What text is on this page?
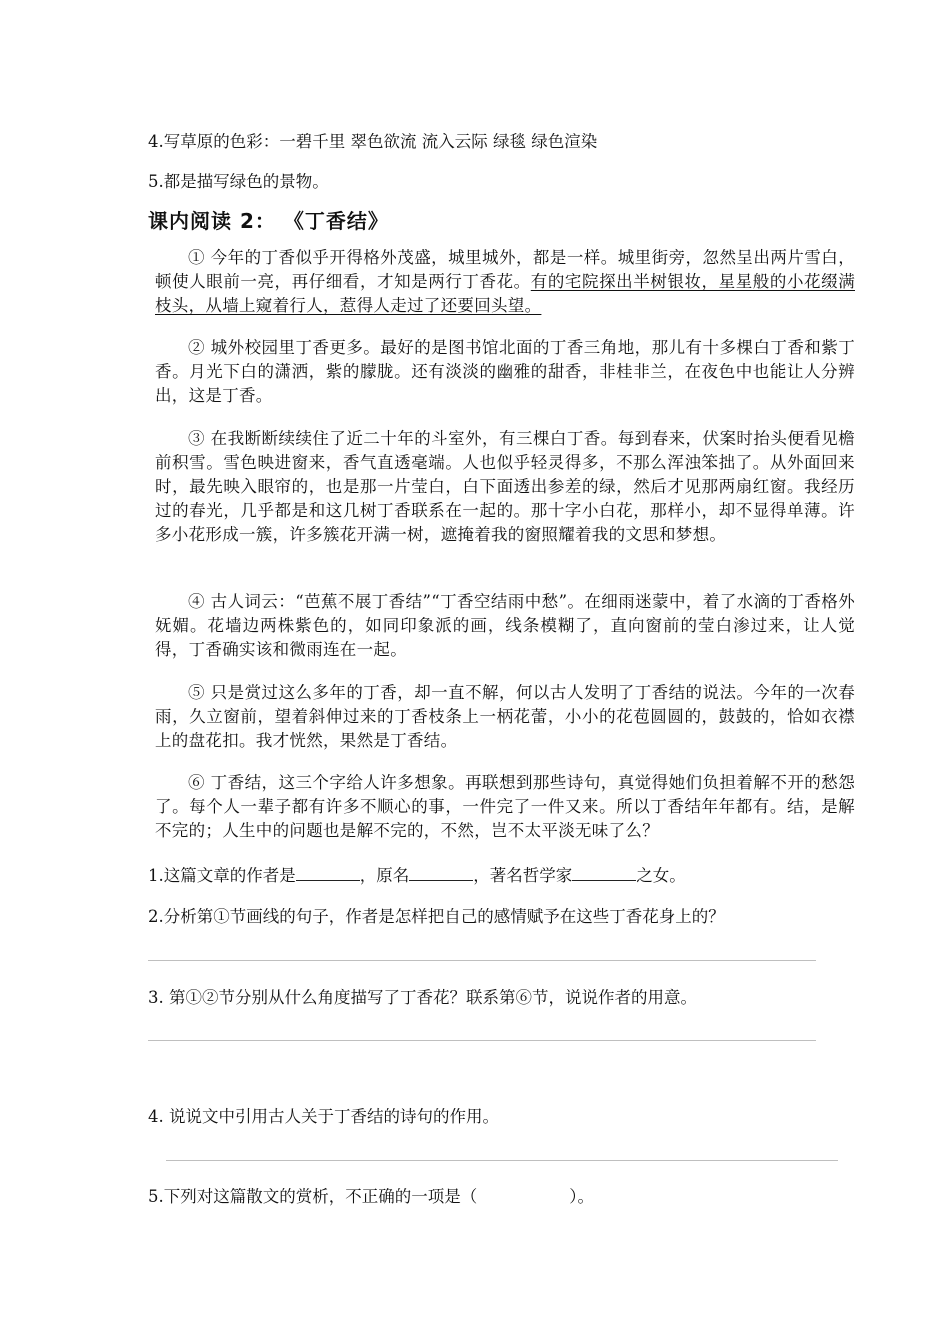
4.写草原的色彩：一碧千里 翠色欲流 流入云际 绿毯 绿色渲染
5.都是描写绿色的景物。
课内阅读 2： 《丁香结》
① 今年的丁香似乎开得格外茂盛，城里城外，都是一样。城里街旁，忽然呈出两片雪白，顿使人眼前一亮，再仔细看，才知是两行丁香花。有的宅院探出半树银妆，星星般的小花缀满枝头，从墙上窥着行人，惹得人走过了还要回头望。
② 城外校园里丁香更多。最好的是图书馆北面的丁香三角地，那儿有十多棵白丁香和紫丁香。月光下白的潇洒，紫的朦胧。还有淡淡的幽雅的甜香，非桂非兰，在夜色中也能让人分辨出，这是丁香。
③ 在我断断续续住了近二十年的斗室外，有三棵白丁香。每到春来，伏案时抬头便看见檐前积雪。雪色映进窗来，香气直透毫端。人也似乎轻灵得多，不那么浑浊笨拙了。从外面回来时，最先映入眼帘的，也是那一片莹白，白下面透出参差的绿，然后才见那两扇红窗。我经历过的春光，几乎都是和这几树丁香联系在一起的。那十字小白花，那样小，却不显得单薄。许多小花形成一簇，许多簇花开满一树，遮掩着我的窗照耀着我的文思和梦想。
④ 古人词云：“芭蕉不展丁香结”“丁香空结雨中愁”。在细雨迷蒙中，着了水滴的丁香格外妩媚。花墙边两株紫色的，如同印象派的画，线条模糊了，直向窗前的莹白渗过来，让人觉得，丁香确实该和微雨连在一起。
⑤ 只是赏过这么多年的丁香，却一直不解，何以古人发明了丁香结的说法。今年的一次春雨，久立窗前，望着斜伸过来的丁香枝条上一柄花蕾，小小的花苞圆圆的，鼓鼓的，恰如衣襟上的盘花扣。我才恍然，果然是丁香结。
⑥ 丁香结，这三个字给人许多想象。再联想到那些诗句，真觉得她们负担着解不开的愁怨了。每个人一辈子都有许多不顺心的事，一件完了一件又来。所以丁香结年年都有。结，是解不完的；人生中的问题也是解不完的，不然，岂不太平淡无味了么？
1.这篇文章的作者是	，原名	，著名哲学家	之女。
2.分析第①节画线的句子，作者是怎样把自己的感情赋予在这些丁香花身上的？
3. 第①②节分别从什么角度描写了丁香花？联系第⑥节，说说作者的用意。
4. 说说文中引用古人关于丁香结的诗句的作用。
5.下列对这篇散文的赏析，不正确的一项是（	）。
